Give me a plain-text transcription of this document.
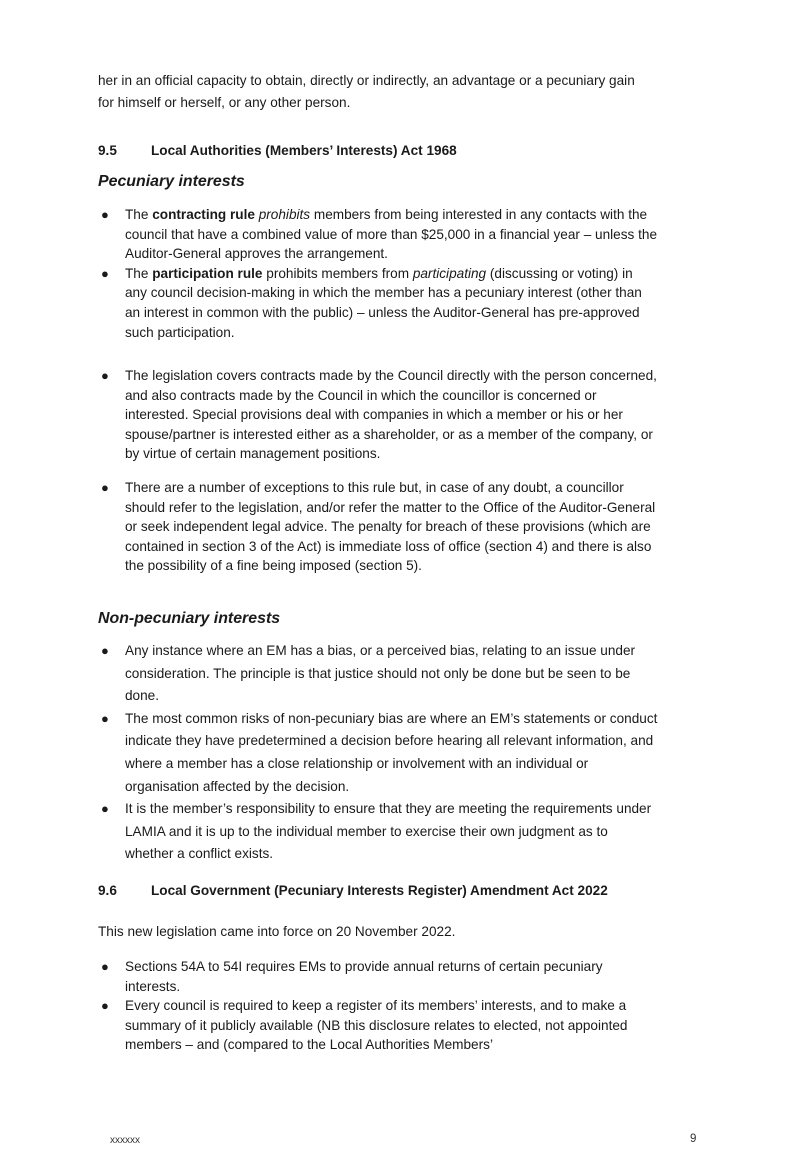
her in an official capacity to obtain, directly or indirectly, an advantage or a pecuniary gain
for himself or herself, or any other person.

9.5	Local Authorities (Members’ Interests) Act 1968
Pecuniary interests
● The contracting rule prohibits members from being interested in any contacts with the council that have a combined value of more than $25,000 in a financial year – unless the Auditor-General approves the arrangement.
● The participation rule prohibits members from participating (discussing or voting) in any council decision-making in which the member has a pecuniary interest (other than an interest in common with the public) – unless the Auditor-General has pre-approved such participation.
● The legislation covers contracts made by the Council directly with the person concerned, and also contracts made by the Council in which the councillor is concerned or interested. Special provisions deal with companies in which a member or his or her spouse/partner is interested either as a shareholder, or as a member of the company, or by virtue of certain management positions.
● There are a number of exceptions to this rule but, in case of any doubt, a councillor should refer to the legislation, and/or refer the matter to the Office of the Auditor-General or seek independent legal advice. The penalty for breach of these provisions (which are contained in section 3 of the Act) is immediate loss of office (section 4) and there is also the possibility of a fine being imposed (section 5).
Non-pecuniary interests
● Any instance where an EM has a bias, or a perceived bias, relating to an issue under consideration. The principle is that justice should not only be done but be seen to be done.
● The most common risks of non-pecuniary bias are where an EM’s statements or conduct indicate they have predetermined a decision before hearing all relevant information, and where a member has a close relationship or involvement with an individual or organisation affected by the decision.
● It is the member’s responsibility to ensure that they are meeting the requirements under LAMIA and it is up to the individual member to exercise their own judgment as to whether a conflict exists.
9.6	Local Government (Pecuniary Interests Register) Amendment Act 2022

This new legislation came into force on 20 November 2022.

● Sections 54A to 54I requires EMs to provide annual returns of certain pecuniary interests.
● Every council is required to keep a register of its members’ interests, and to make a summary of it publicly available (NB this disclosure relates to elected, not appointed members – and (compared to the Local Authorities Members’
xxxxxx	9
